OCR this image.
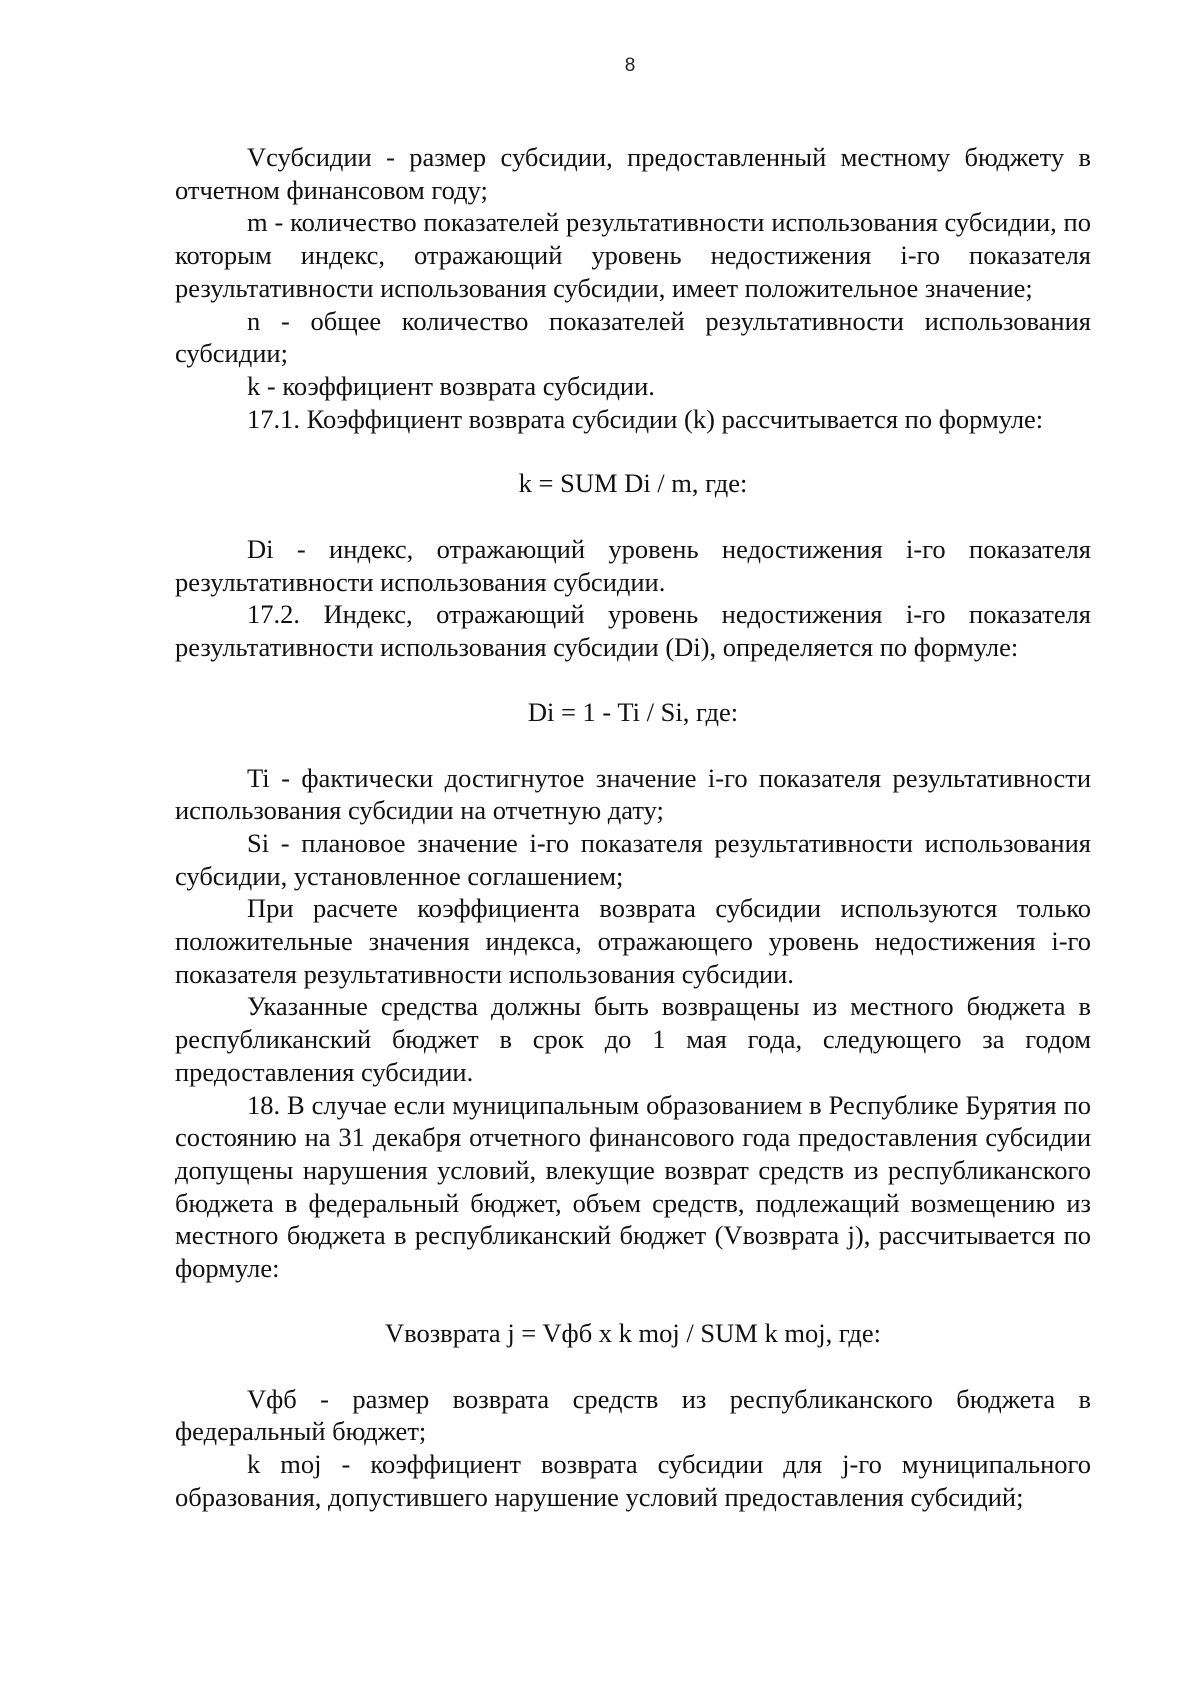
8

Vсубсидии - размер субсидии, предоставленный местному бюджету в отчетном финансовом году;

m - количество показателей результативности использования субсидии, по которым индекс, отражающий уровень недостижения i-го показателя результативности использования субсидии, имеет положительное значение;

n - общее количество показателей результативности использования субсидии;

k - коэффициент возврата субсидии.

17.1. Коэффициент возврата субсидии (k) рассчитывается по формуле:

k = SUM Di / m, где:

Di - индекс, отражающий уровень недостижения i-го показателя результативности использования субсидии.

17.2. Индекс, отражающий уровень недостижения i-го показателя результативности использования субсидии (Di), определяется по формуле:

Di = 1 - Ti / Si, где:

Ti - фактически достигнутое значение i-го показателя результативности использования субсидии на отчетную дату;

Si - плановое значение i-го показателя результативности использования субсидии, установленное соглашением;

При расчете коэффициента возврата субсидии используются только положительные значения индекса, отражающего уровень недостижения i-го показателя результативности использования субсидии.

Указанные средства должны быть возвращены из местного бюджета в республиканский бюджет в срок до 1 мая года, следующего за годом предоставления субсидии.

18. В случае если муниципальным образованием в Республике Бурятия по состоянию на 31 декабря отчетного финансового года предоставления субсидии допущены нарушения условий, влекущие возврат средств из республиканского бюджета в федеральный бюджет, объем средств, подлежащий возмещению из местного бюджета в республиканский бюджет (Vвозврата j), рассчитывается по формуле:

Vвозврата j = Vфб x k moj / SUM k moj, где:

Vфб - размер возврата средств из республиканского бюджета в федеральный бюджет;

k moj - коэффициент возврата субсидии для j-го муниципального образования, допустившего нарушение условий предоставления субсидий;
